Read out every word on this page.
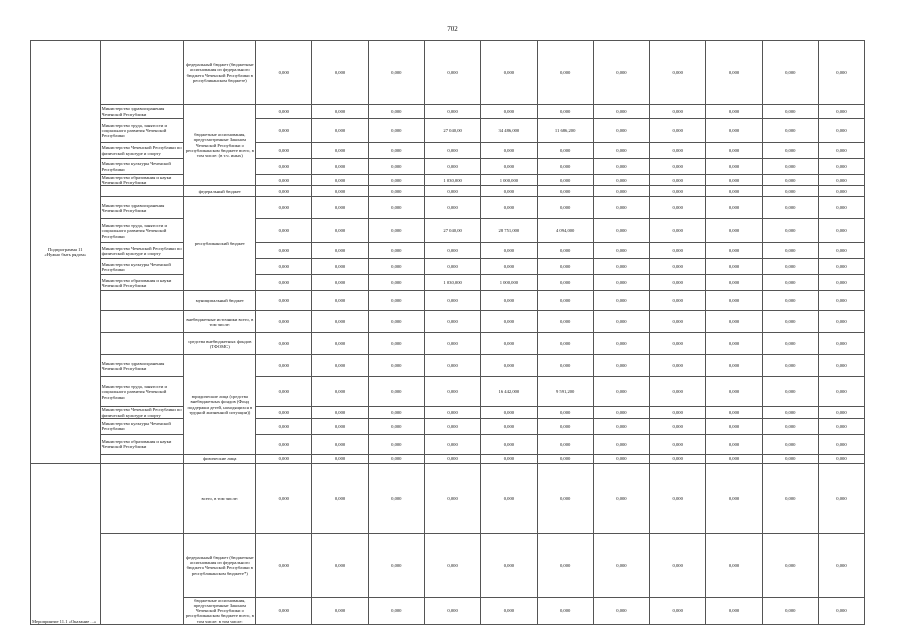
702
Подпрограмма 11
«Нужно быть рядом»		федеральный бюджет (бюджетные ассигнования из федерального бюджета Чеченской Республики в республиканском бюджете)	0,000	0,000	0,000	0,000	0,000	0,000	0,000	0,000	0,000	0,000	0,000
	Министерство здравоохранения Чеченской Республики	бюджетные ассигнования, предусмотренные Законом Чеченской Республики о республиканском бюджете всего, в том числе: (в т.ч. иных)	0,000	0,000	0,000	0,000	0,000	0,000	0,000	0,000	0,000	0,000	0,000
	Министерство труда, занятости и социального развития Чеченской Республики		0,000	0,000	0,000	27 040,00	34 486,000	11 686,200	0,000	0,000	0,000	0,000	0,000
	Министерство Чеченской Республики по физической культуре и спорту		0,000	0,000	0,000	0,000	0,000	0,000	0,000	0,000	0,000	0,000	0,000
	Министерство культуры Чеченской Республики		0,000	0,000	0,000	0,000	0,000	0,000	0,000	0,000	0,000	0,000	0,000
	Министерство образования и науки Чеченской Республики		0,000	0,000	0,000	1 030,000	1 000,000	0,000	0,000	0,000	0,000	0,000	0,000
		федеральный бюджет	0,000	0,000	0,000	0,000	0,000	0,000	0,000	0,000	0,000	0,000	0,000
	Министерство здравоохранения Чеченской Республики	республиканский бюджет	0,000	0,000	0,000	0,000	0,000	0,000	0,000	0,000	0,000	0,000	0,000
	Министерство труда, занятости и социального развития Чеченской Республики		0,000	0,000	0,000	27 040,00	28 751,000	4 094,000	0,000	0,000	0,000	0,000	0,000
	Министерство Чеченской Республики по физической культуре и спорту		0,000	0,000	0,000	0,000	0,000	0,000	0,000	0,000	0,000	0,000	0,000
	Министерство культуры Чеченской Республики		0,000	0,000	0,000	0,000	0,000	0,000	0,000	0,000	0,000	0,000	0,000
	Министерство образования и науки Чеченской Республики		0,000	0,000	0,000	1 030,000	1 000,000	0,000	0,000	0,000	0,000	0,000	0,000
		муниципальный бюджет	0,000	0,000	0,000	0,000	0,000	0,000	0,000	0,000	0,000	0,000	0,000
		внебюджетные источники всего, в том числе:	0,000	0,000	0,000	0,000	0,000	0,000	0,000	0,000	0,000	0,000	0,000
		средства внебюджетных фондов (ТФОМС)	0,000	0,000	0,000	0,000	0,000	0,000	0,000	0,000	0,000	0,000	0,000
	Министерство здравоохранения Чеченской Республики	юридические лица (средства внебюджетных фондов (Фонд поддержки детей, находящихся в трудной жизненной ситуации))	0,000	0,000	0,000	0,000	0,000	0,000	0,000	0,000	0,000	0,000	0,000
	Министерство труда, занятости и социального развития Чеченской Республики		0,000	0,000	0,000	0,000	16 442,000	9 591,200	0,000	0,000	0,000	0,000	0,000
	Министерство Чеченской Республики по физической культуре и спорту		0,000	0,000	0,000	0,000	0,000	0,000	0,000	0,000	0,000	0,000	0,000
	Министерство культуры Чеченской Республики		0,000	0,000	0,000	0,000	0,000	0,000	0,000	0,000	0,000	0,000	0,000
	Министерство образования и науки Чеченской Республики		0,000	0,000	0,000	0,000	0,000	0,000	0,000	0,000	0,000	0,000	0,000
		физические лица	0,000	0,000	0,000	0,000	0,000	0,000	0,000	0,000	0,000	0,000	0,000
Мероприятие 11.1 «Оказание ...»		всего, в том числе:	0,000	0,000	0,000	0,000	0,000	0,000	0,000	0,000	0,000	0,000	0,000
		федеральный бюджет (бюджетные ассигнования из федерального бюджета Чеченской Республики в республиканском бюджете*)	0,000	0,000	0,000	0,000	0,000	0,000	0,000	0,000	0,000	0,000	0,000
		бюджетные ассигнования, предусмотренные Законом Чеченской Республики о республиканском бюджете всего, в том числе: в том числе:	0,000	0,000	0,000	0,000	0,000	0,000	0,000	0,000	0,000	0,000	0,000
